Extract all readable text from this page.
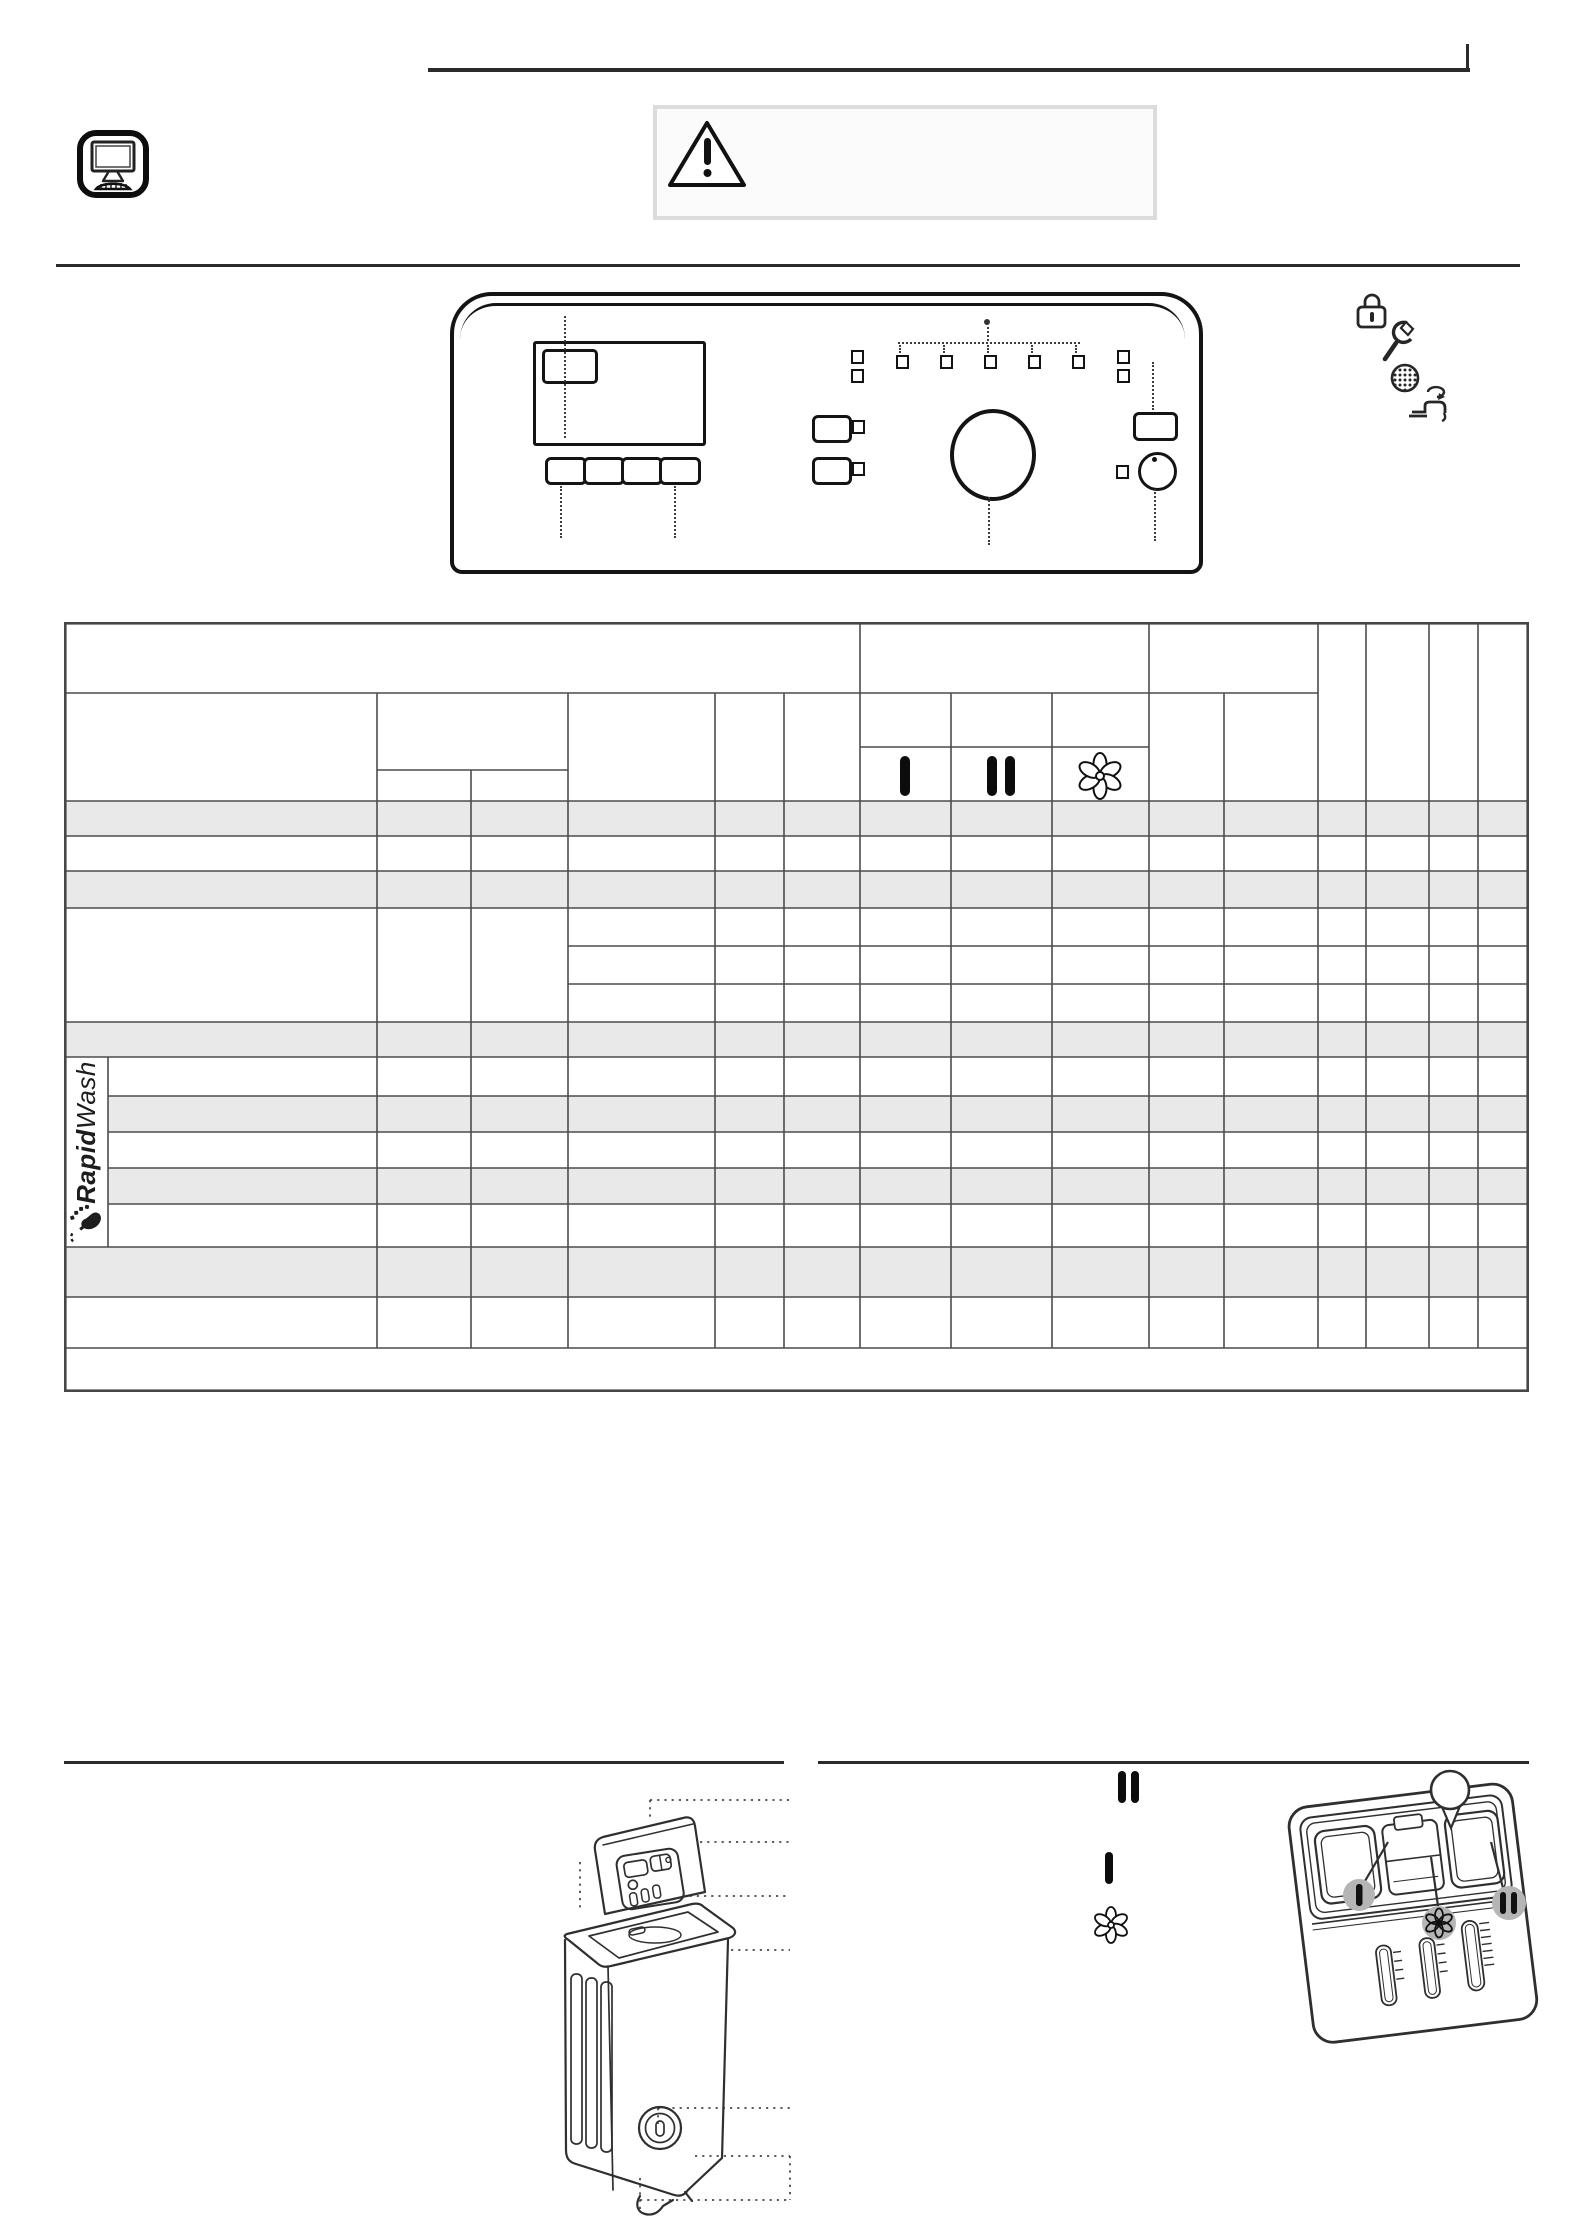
RapidWash
